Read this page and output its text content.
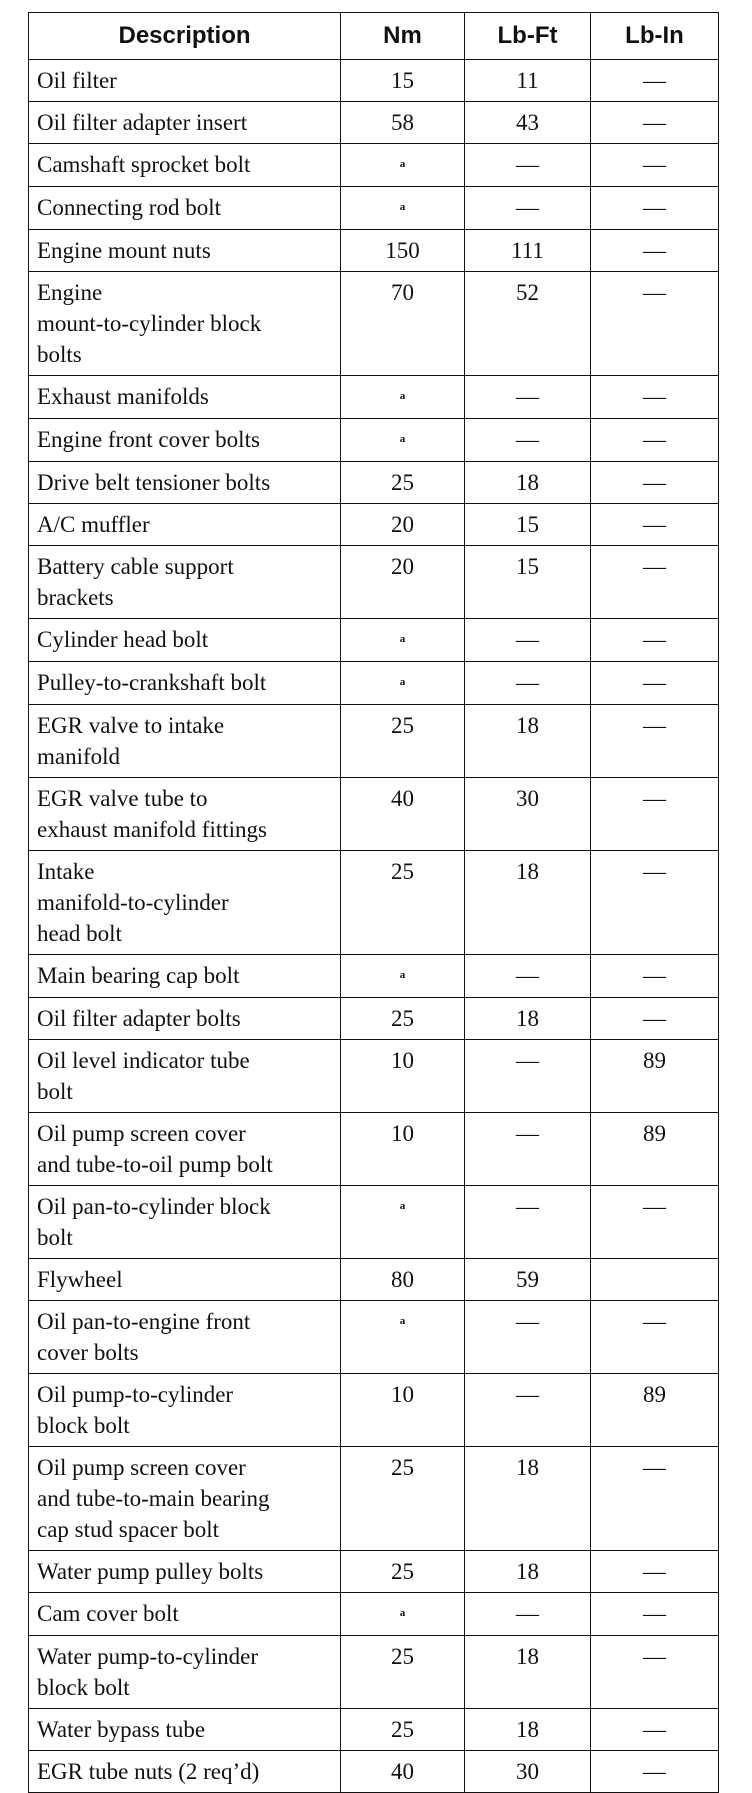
Description	Nm	Lb-Ft	Lb-In
Oil filter	15	11	—
Oil filter adapter insert	58	43	—
Camshaft sprocket bolt	$^a$	—	—
Connecting rod bolt	$^a$	—	—
Engine mount nuts	150	111	—
Engine
mount-to-cylinder block
bolts	70	52	—
Exhaust manifolds	$^a$	—	—
Engine front cover bolts	$^a$	—	—
Drive belt tensioner bolts	25	18	—
A/C muffler	20	15	—
Battery cable support
brackets	20	15	—
Cylinder head bolt	$^a$	—	—
Pulley-to-crankshaft bolt	$^a$	—	—
EGR valve to intake
manifold	25	18	—
EGR valve tube to
exhaust manifold fittings	40	30	—
Intake
manifold-to-cylinder
head bolt	25	18	—
Main bearing cap bolt	$^a$	—	—
Oil filter adapter bolts	25	18	—
Oil level indicator tube
bolt	10	—	89
Oil pump screen cover
and tube-to-oil pump bolt	10	—	89
Oil pan-to-cylinder block
bolt	$^a$	—	—
Flywheel	80	59	
Oil pan-to-engine front
cover bolts	$^a$	—	—
Oil pump-to-cylinder
block bolt	10	—	89
Oil pump screen cover
and tube-to-main bearing
cap stud spacer bolt	25	18	—
Water pump pulley bolts	25	18	—
Cam cover bolt	$^a$	—	—
Water pump-to-cylinder
block bolt	25	18	—
Water bypass tube	25	18	—
EGR tube nuts (2 req’d)	40	30	—
